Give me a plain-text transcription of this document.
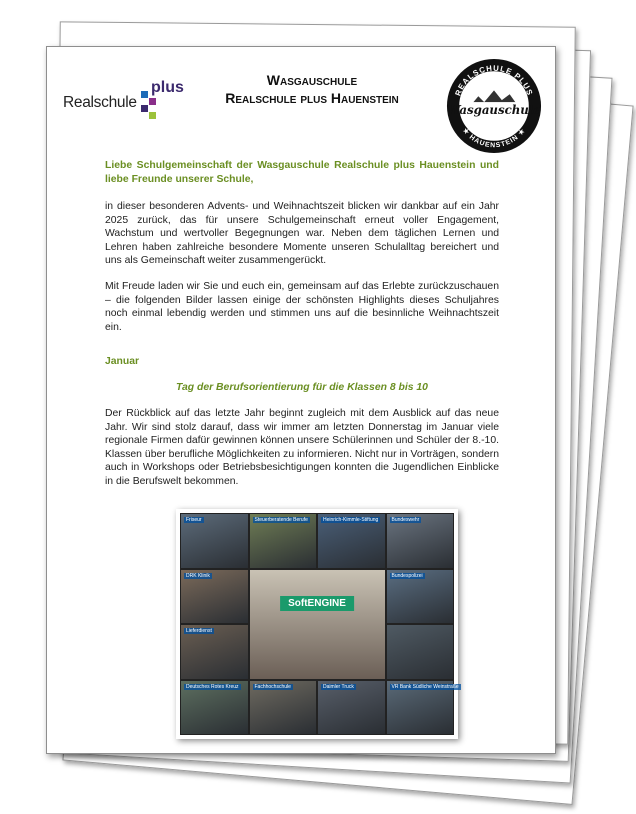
plus
Realschule
Wasgauschule
Realschule plus Hauenstein	REALSCHULE PLUS
★ HAUENSTEIN ★
Wasgauschule
Liebe Schulgemeinschaft der Wasgauschule Realschule plus Hauenstein und liebe Freunde unserer Schule,
in dieser besonderen Advents- und Weihnachtszeit blicken wir dankbar auf ein Jahr 2025 zurück, das für unsere Schulgemeinschaft erneut voller Engagement, Wachstum und wertvoller Begegnungen war. Neben dem täglichen Lernen und Lehren haben zahlreiche besondere Momente unseren Schulalltag bereichert und uns als Gemeinschaft weiter zusammengerückt.
Mit Freude laden wir Sie und euch ein, gemeinsam auf das Erlebte zurückzuschauen – die folgenden Bilder lassen einige der schönsten Highlights dieses Schuljahres noch einmal lebendig werden und stimmen uns auf die besinnliche Weihnachtszeit ein.
Januar
Tag der Berufsorientierung für die Klassen 8 bis 10
Der Rückblick auf das letzte Jahr beginnt zugleich mit dem Ausblick auf das neue Jahr. Wir sind stolz darauf, dass wir immer am letzten Donnerstag im Januar viele regionale Firmen dafür gewinnen können unsere Schülerinnen und Schüler der 8.-10. Klassen über berufliche Möglichkeiten zu informieren. Nicht nur in Vorträgen, sondern auch in Workshops oder Betriebsbesichtigungen konnten die Jugendlichen Einblicke in die Berufswelt bekommen.
Friseur	Steuerberatende Berufe	Heinrich-Kimmle-Stiftung	Bundeswehr
DRK Klinik	Bundespolizei
Lieferdienst
Deutsches Rotes Kreuz	Fachhochschule	Daimler Truck	VR Bank Südliche Weinstraße
SoftENGINE
